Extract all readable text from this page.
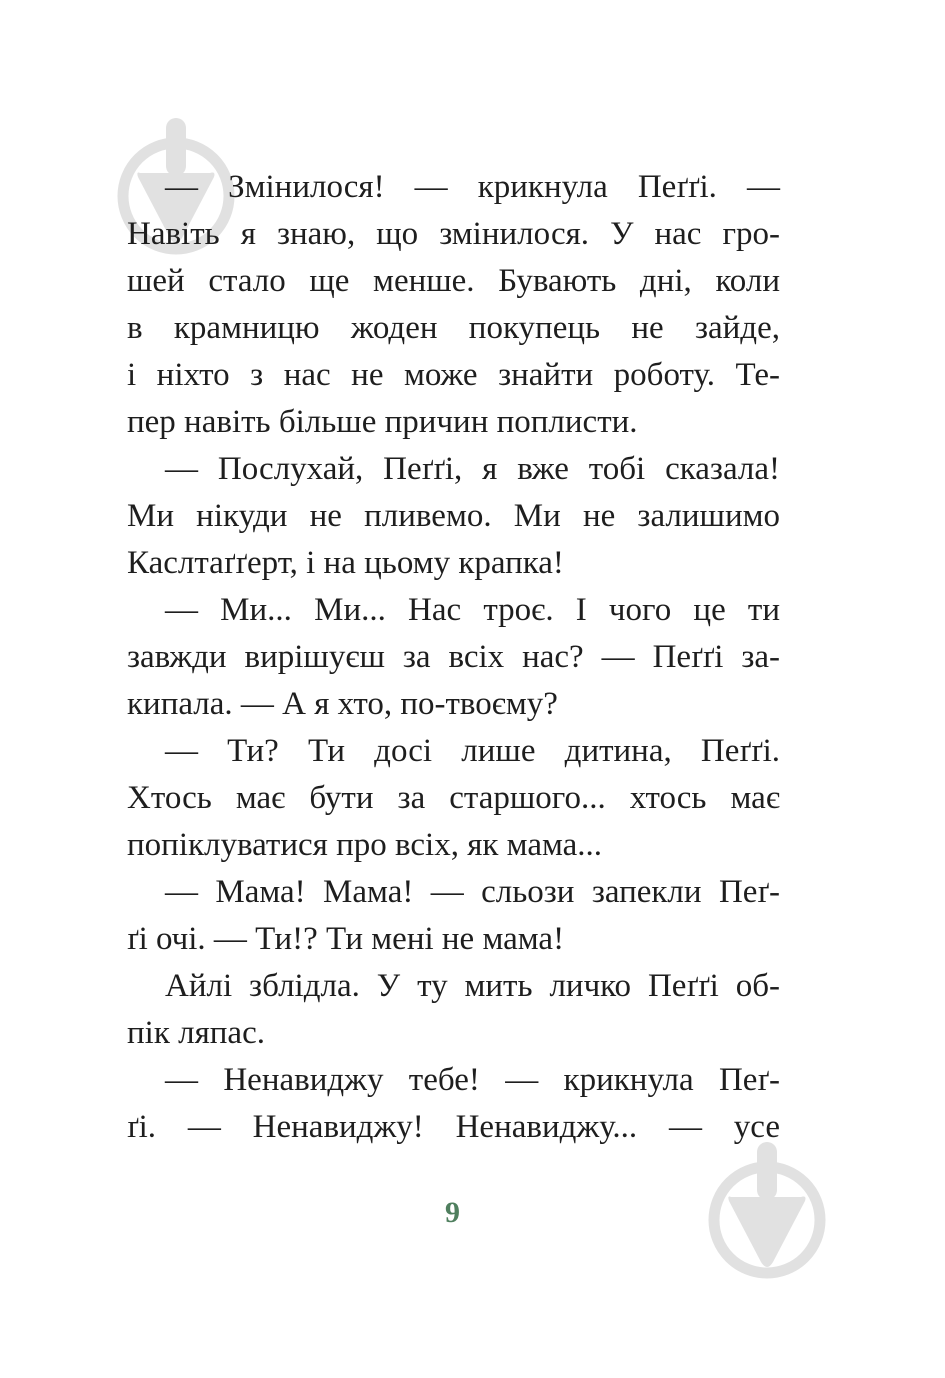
— Змінилося! — крикнула Пеґґі. —
Навіть я знаю, що змінилося. У нас гро-
шей стало ще менше. Бувають дні, коли
в крамницю жоден покупець не зайде,
і ніхто з нас не може знайти роботу. Те-
пер навіть більше причин поплисти.
— Послухай, Пеґґі, я вже тобі сказала!
Ми нікуди не пливемо. Ми не залишимо
Каслтаґґерт, і на цьому крапка!
— Ми... Ми... Нас троє. І чого це ти
завжди вирішуєш за всіх нас? — Пеґґі за-
кипала. — А я хто, по-твоєму?
— Ти? Ти досі лише дитина, Пеґґі.
Хтось має бути за старшого... хтось має
попіклуватися про всіх, як мама...
— Мама! Мама! — сльози запекли Пеґ-
ґі очі. — Ти!? Ти мені не мама!
Айлі зблідла. У ту мить личко Пеґґі об-
пік ляпас.
— Ненавиджу тебе! — крикнула Пеґ-
ґі. — Ненавиджу! Ненавиджу... — усе
9
